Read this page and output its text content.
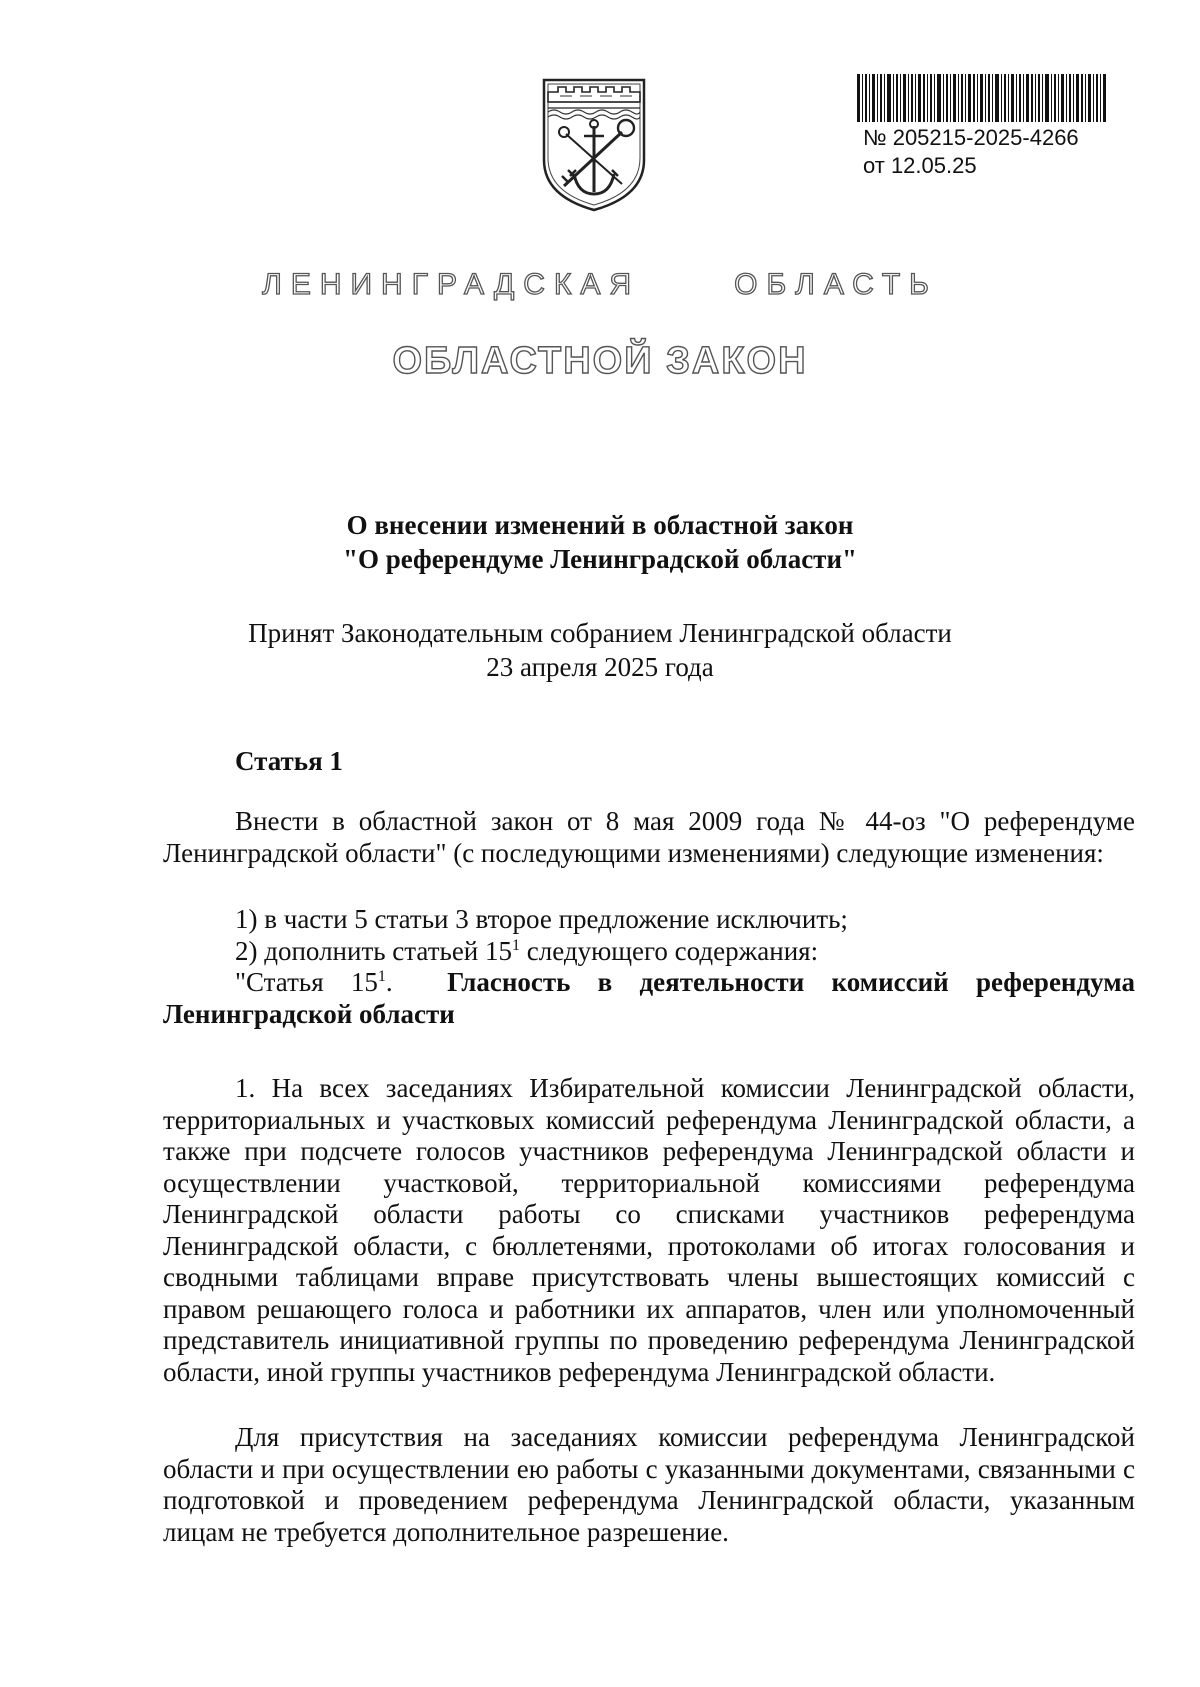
№ 205215-2025-4266
от 12.05.25
ЛЕНИНГРАДСКАЯ   ОБЛАСТЬ
ОБЛАСТНОЙ ЗАКОН
О внесении изменений в областной закон
"О референдуме Ленинградской области"
Принят Законодательным собранием Ленинградской области
23 апреля 2025 года
Статья 1
Внести в областной закон от 8 мая 2009 года № 44-оз "О референдуме Ленинградской области" (с последующими изменениями) следующие изменения:
1) в части 5 статьи 3 второе предложение исключить;
2) дополнить статьей $15^1$ следующего содержания:
"Статья $15^1$. Гласность в деятельности комиссий референдума Ленинградской области
1. На всех заседаниях Избирательной комиссии Ленинградской области, территориальных и участковых комиссий референдума Ленинградской области, а также при подсчете голосов участников референдума Ленинградской области и осуществлении участковой, территориальной комиссиями референдума Ленинградской области работы со списками участников референдума Ленинградской области, с бюллетенями, протоколами об итогах голосования и сводными таблицами вправе присутствовать члены вышестоящих комиссий с правом решающего голоса и работники их аппаратов, член или уполномоченный представитель инициативной группы по проведению референдума Ленинградской области, иной группы участников референдума Ленинградской области.
Для присутствия на заседаниях комиссии референдума Ленинградской области и при осуществлении ею работы с указанными документами, связанными с подготовкой и проведением референдума Ленинградской области, указанным лицам не требуется дополнительное разрешение.
